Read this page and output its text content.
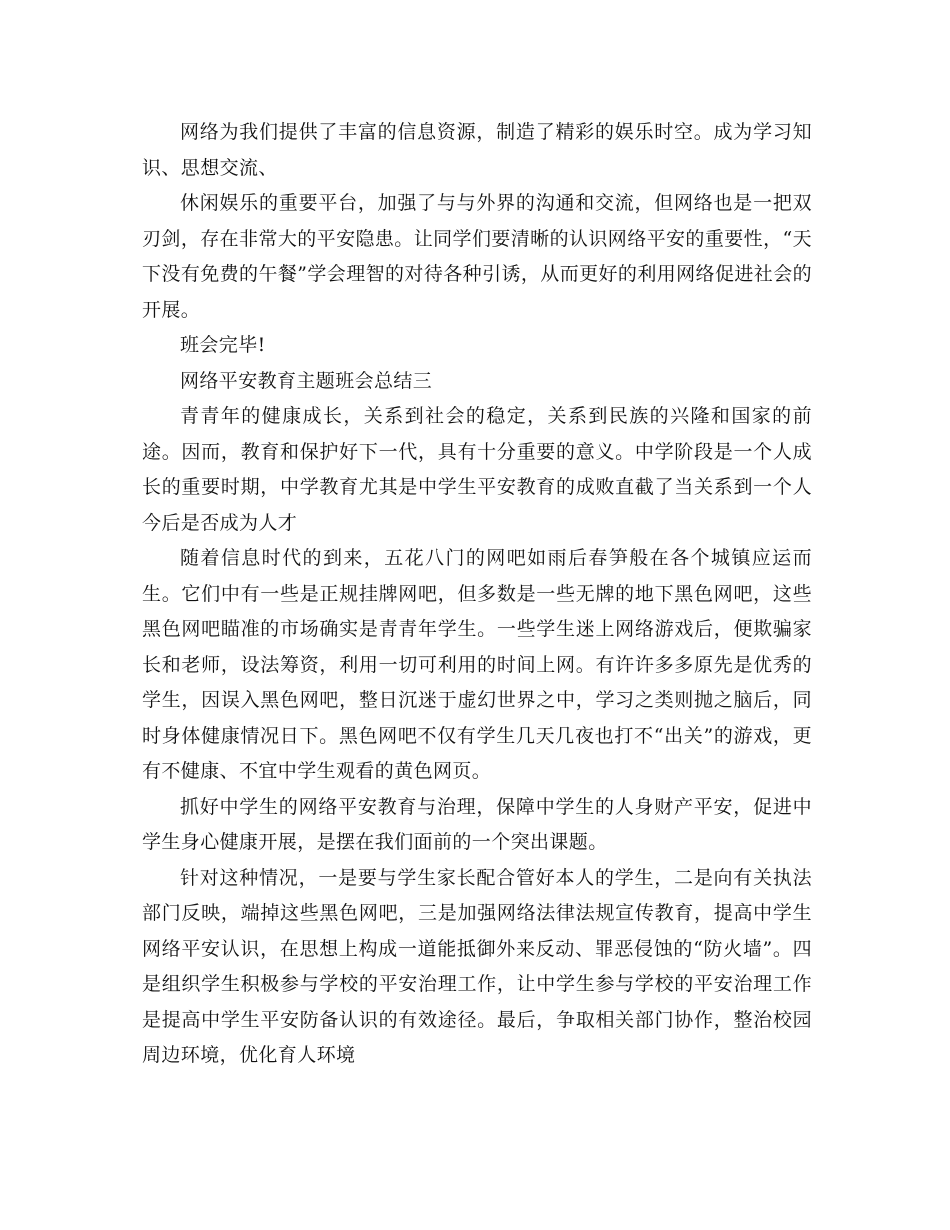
网络为我们提供了丰富的信息资源，制造了精彩的娱乐时空。成为学习知识、思想交流、

休闲娱乐的重要平台，加强了与与外界的沟通和交流，但网络也是一把双刃剑，存在非常大的平安隐患。让同学们要清晰的认识网络平安的重要性，“天下没有免费的午餐”学会理智的对待各种引诱，从而更好的利用网络促进社会的开展。

班会完毕!

网络平安教育主题班会总结三

青青年的健康成长，关系到社会的稳定，关系到民族的兴隆和国家的前途。因而，教育和保护好下一代，具有十分重要的意义。中学阶段是一个人成长的重要时期，中学教育尤其是中学生平安教育的成败直截了当关系到一个人今后是否成为人才

随着信息时代的到来，五花八门的网吧如雨后春笋般在各个城镇应运而生。它们中有一些是正规挂牌网吧，但多数是一些无牌的地下黑色网吧，这些黑色网吧瞄准的市场确实是青青年学生。一些学生迷上网络游戏后，便欺骗家长和老师，设法筹资，利用一切可利用的时间上网。有许许多多原先是优秀的学生，因误入黑色网吧，整日沉迷于虚幻世界之中，学习之类则抛之脑后，同时身体健康情况日下。黑色网吧不仅有学生几天几夜也打不“出关”的游戏，更有不健康、不宜中学生观看的黄色网页。

抓好中学生的网络平安教育与治理，保障中学生的人身财产平安，促进中学生身心健康开展，是摆在我们面前的一个突出课题。

针对这种情况，一是要与学生家长配合管好本人的学生，二是向有关执法部门反映，端掉这些黑色网吧，三是加强网络法律法规宣传教育，提高中学生网络平安认识，在思想上构成一道能抵御外来反动、罪恶侵蚀的“防火墙”。四是组织学生积极参与学校的平安治理工作，让中学生参与学校的平安治理工作是提高中学生平安防备认识的有效途径。最后，争取相关部门协作，整治校园周边环境，优化育人环境
